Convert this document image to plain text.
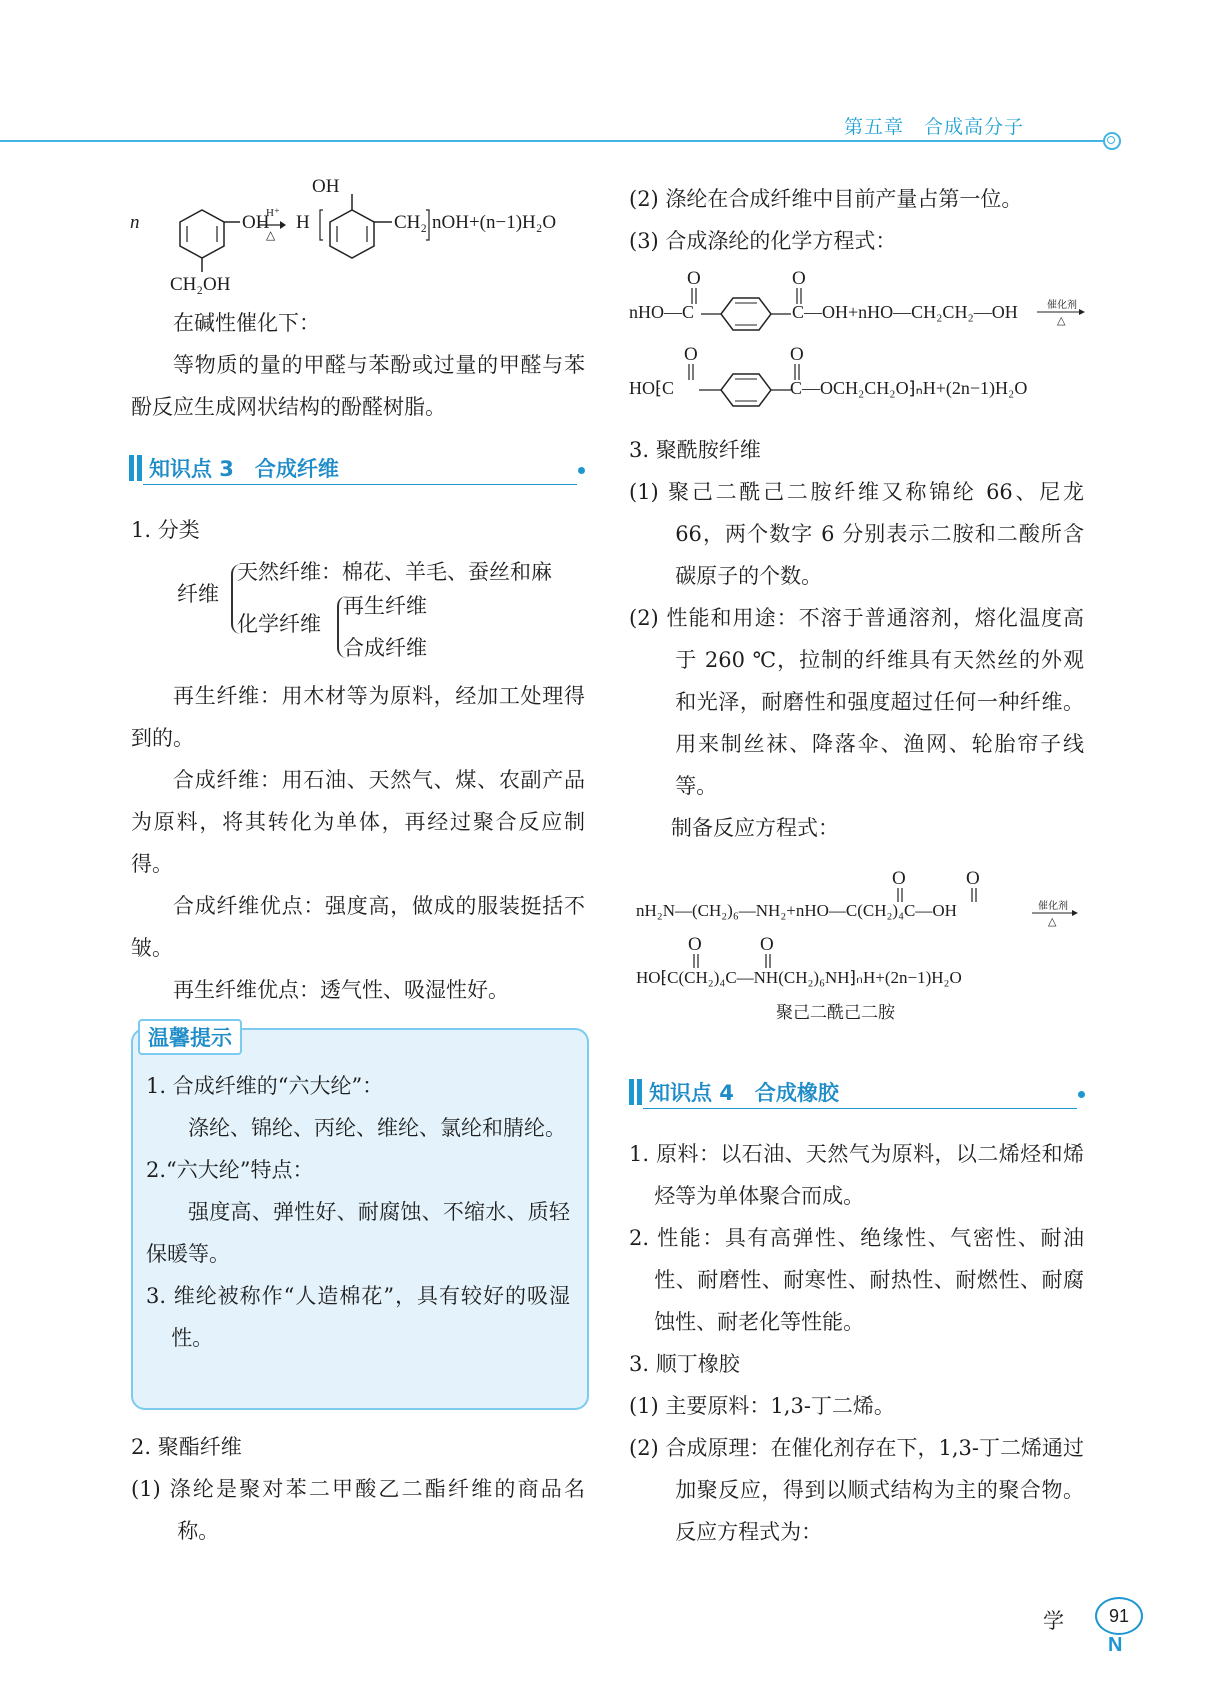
第五章　合成高分子
OH
n	OH
CH₂OH
H⁺
△
H	CH₂ nOH+(n−1)H₂O

在碱性催化下：

等物质的量的甲醛与苯酚或过量的甲醛与苯酚反应生成网状结构的酚醛树脂。

知识点 3　合成纤维

1. 分类

纤维
天然纤维：棉花、羊毛、蚕丝和麻
化学纤维
再生纤维
合成纤维

再生纤维：用木材等为原料，经加工处理得到的。

合成纤维：用石油、天然气、煤、农副产品为原料，将其转化为单体，再经过聚合反应制得。

合成纤维优点：强度高，做成的服装挺括不皱。

再生纤维优点：透气性、吸湿性好。

温馨提示

1. 合成纤维的“六大纶”：

涤纶、锦纶、丙纶、维纶、氯纶和腈纶。

2.“六大纶”特点：

强度高、弹性好、耐腐蚀、不缩水、质轻保暖等。

3. 维纶被称作“人造棉花”，具有较好的吸湿性。

2. 聚酯纤维

(1) 涤纶是聚对苯二甲酸乙二酯纤维的商品名称。

(2) 涤纶在合成纤维中目前产量占第一位。

(3) 合成涤纶的化学方程式：

O	O
nHO—C	C—OH+nHO—CH₂CH₂—OH	催化剂
△
O	O
HO⁅C	C—OCH₂CH₂O⁆ₙH+(2n−1)H₂O

3. 聚酰胺纤维

(1) 聚己二酰己二胺纤维又称锦纶 66、尼龙 66，两个数字 6 分别表示二胺和二酸所含碳原子的个数。

(2) 性能和用途：不溶于普通溶剂，熔化温度高于 260 ℃，拉制的纤维具有天然丝的外观和光泽，耐磨性和强度超过任何一种纤维。用来制丝袜、降落伞、渔网、轮胎帘子线等。

制备反应方程式：

O	O
nH₂N—(CH₂)₆—NH₂+nHO—C(CH₂)₄C—OH	催化剂
△
O	O
HO⁅C(CH₂)₄C—NH(CH₂)₆NH⁆ₙH+(2n−1)H₂O
聚己二酰己二胺
知识点 4　合成橡胶

1. 原料：以石油、天然气为原料，以二烯烃和烯烃等为单体聚合而成。

2. 性能：具有高弹性、绝缘性、气密性、耐油性、耐磨性、耐寒性、耐热性、耐燃性、耐腐蚀性、耐老化等性能。

3. 顺丁橡胶

(1) 主要原料：1,3-丁二烯。

(2) 合成原理：在催化剂存在下，1,3-丁二烯通过加聚反应，得到以顺式结构为主的聚合物。反应方程式为：

学	91
N
